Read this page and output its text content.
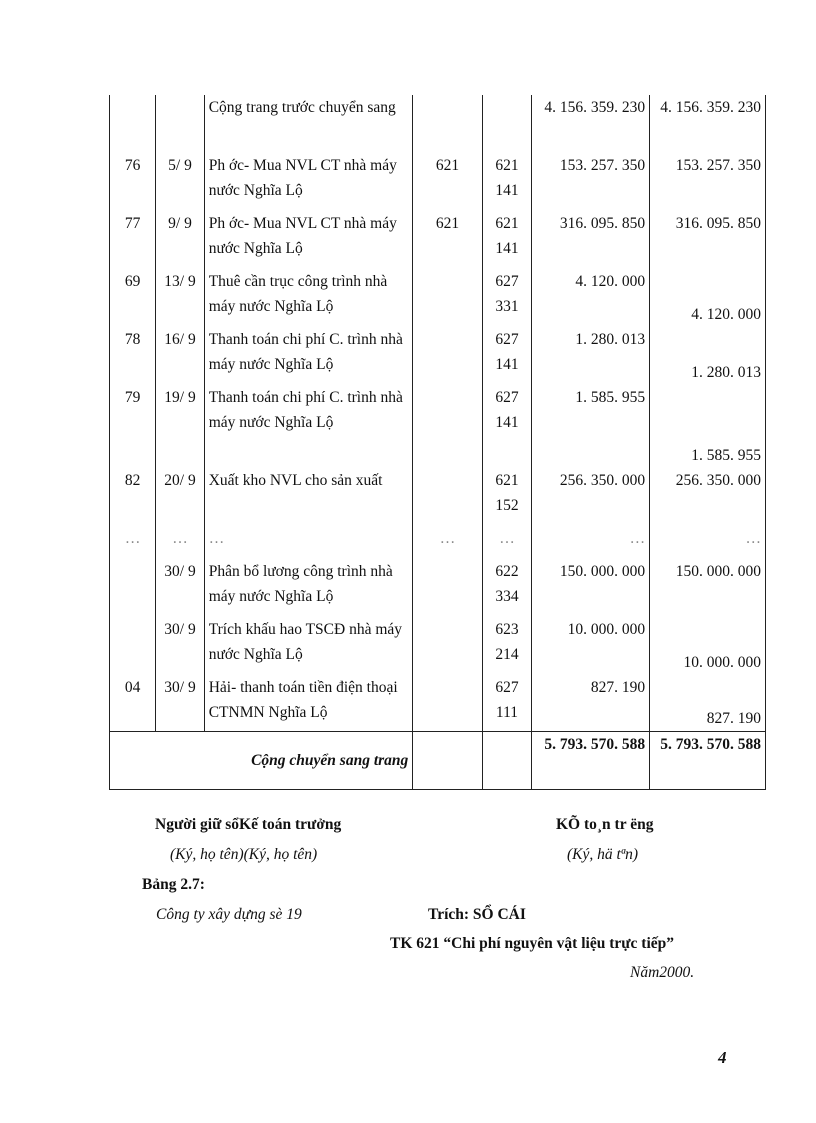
		Cộng trang trước chuyển sang			4. 156. 359. 230	4. 156. 359. 230
76	5/ 9	Ph ớc- Mua NVL CT nhà máy nước Nghĩa Lộ	621	621 141	153. 257. 350	153. 257. 350
77	9/ 9	Ph ớc- Mua NVL CT nhà máy nước Nghĩa Lộ	621	621 141	316. 095. 850	316. 095. 850
69	13/ 9	Thuê cần trục công trình nhà máy nước Nghĩa Lộ		627 331	4. 120. 000	4. 120. 000
78	16/ 9	Thanh toán chi phí C. trình nhà máy nước Nghĩa Lộ		627 141	1. 280. 013	1. 280. 013
79	19/ 9	Thanh toán chi phí C. trình nhà máy nước Nghĩa Lộ		627 141	1. 585. 955	1. 585. 955
82	20/ 9	Xuất kho NVL cho sản xuất		621 152	256. 350. 000	256. 350. 000
…	…	…	…	…	…	…
	30/ 9	Phân bổ lương công trình nhà máy nước Nghĩa Lộ		622 334	150. 000. 000	150. 000. 000
	30/ 9	Trích khấu hao TSCĐ nhà máy nước Nghĩa Lộ		623 214	10. 000. 000	10. 000. 000
04	30/ 9	Hải- thanh toán tiền điện thoại CTNMN Nghĩa Lộ		627 111	827. 190	827. 190
Cộng chuyển sang trang					5. 793. 570. 588	5. 793. 570. 588
Người giữ sổKế toán trưởng
(Ký, họ tên)(Ký, họ tên)
KÕ to¸n tr ëng
(Ký, hä tªn)
Bảng 2.7:
Công ty xây dựng sè 19	Trích: SỔ CÁI
TK 621 “Chi phí nguyên vật liệu trực tiếp”
Năm2000.
4
